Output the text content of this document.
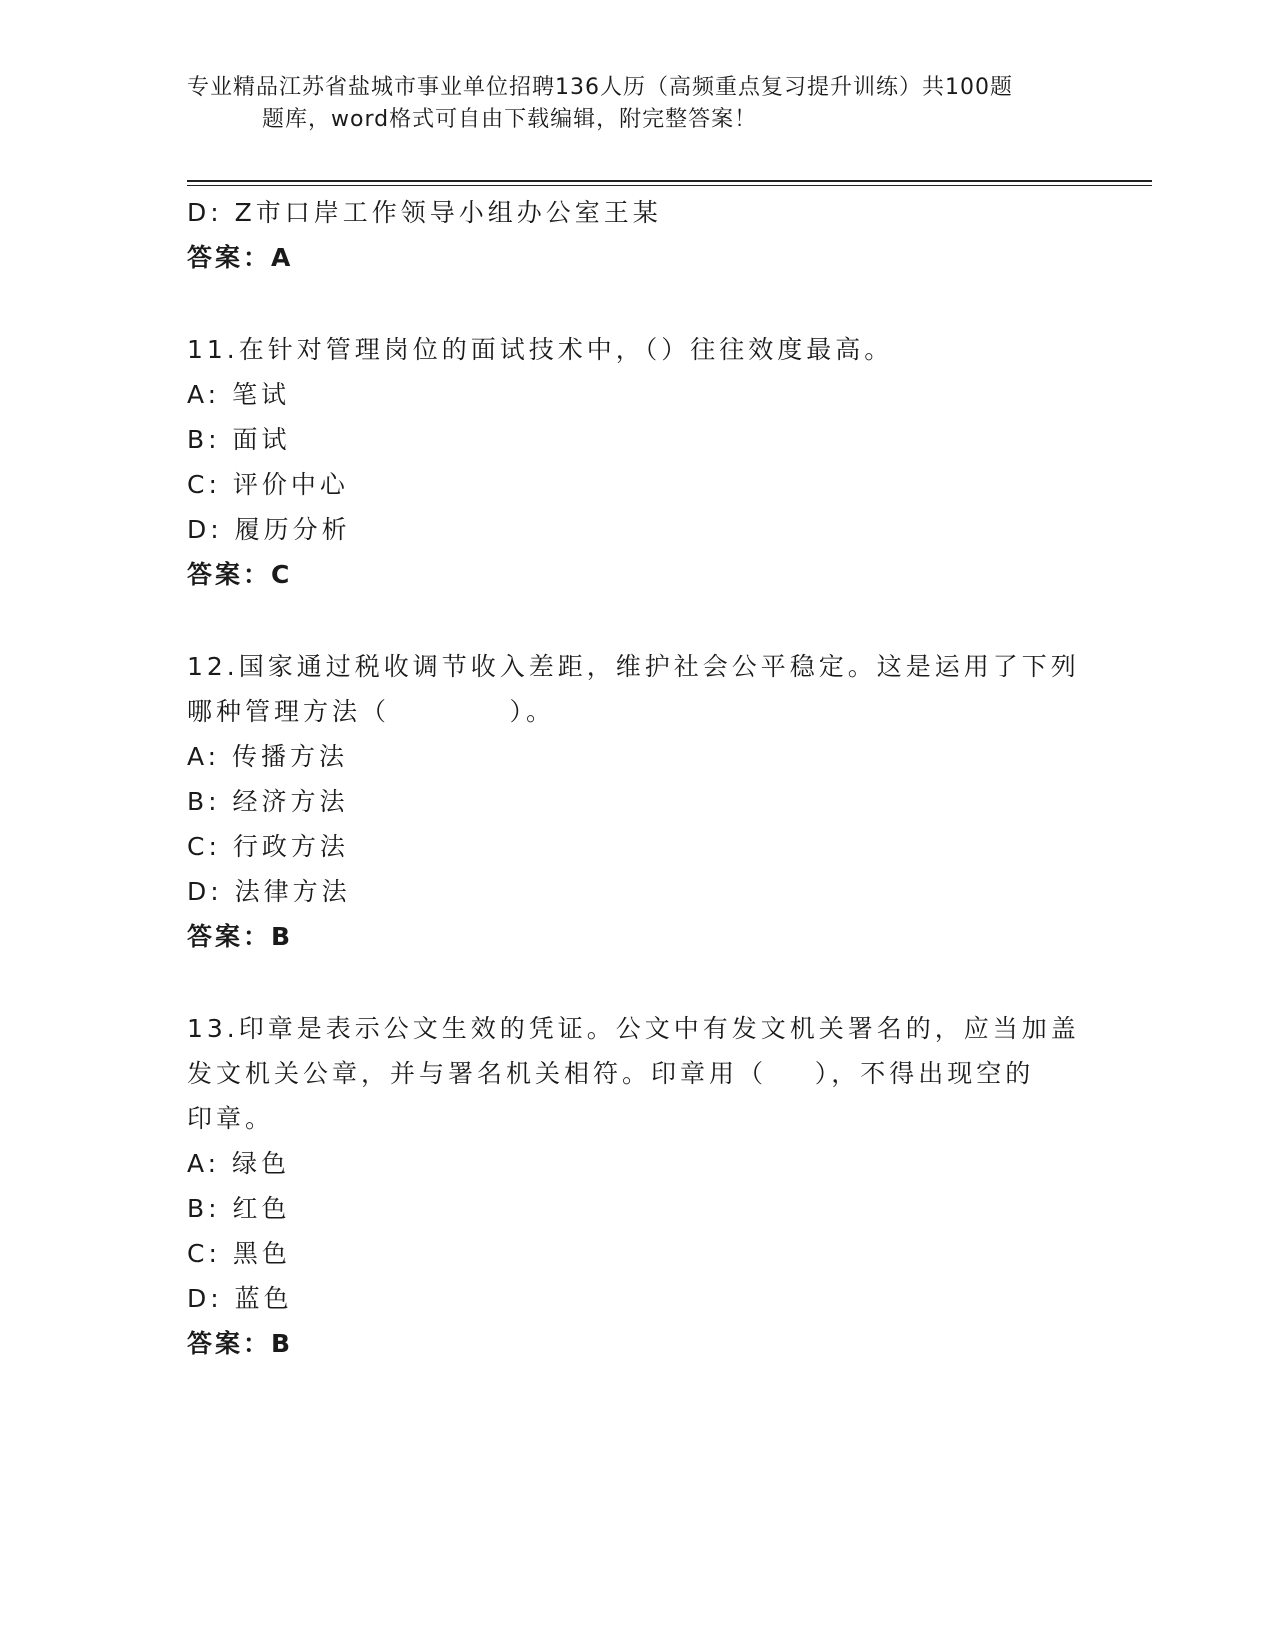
专业精品江苏省盐城市事业单位招聘136人历（高频重点复习提升训练）共100题
题库，word格式可自由下载编辑，附完整答案！
D: Z市口岸工作领导小组办公室王某
答案：A
11.在针对管理岗位的面试技术中，（）往往效度最高。
A: 笔试
B: 面试
C: 评价中心
D: 履历分析
答案：C
12.国家通过税收调节收入差距，维护社会公平稳定。这是运用了下列
哪种管理方法（          ）。
A: 传播方法
B: 经济方法
C: 行政方法
D: 法律方法
答案：B
13.印章是表示公文生效的凭证。公文中有发文机关署名的，应当加盖
发文机关公章，并与署名机关相符。印章用（    ），不得出现空的
印章。
A: 绿色
B: 红色
C: 黑色
D: 蓝色
答案：B
